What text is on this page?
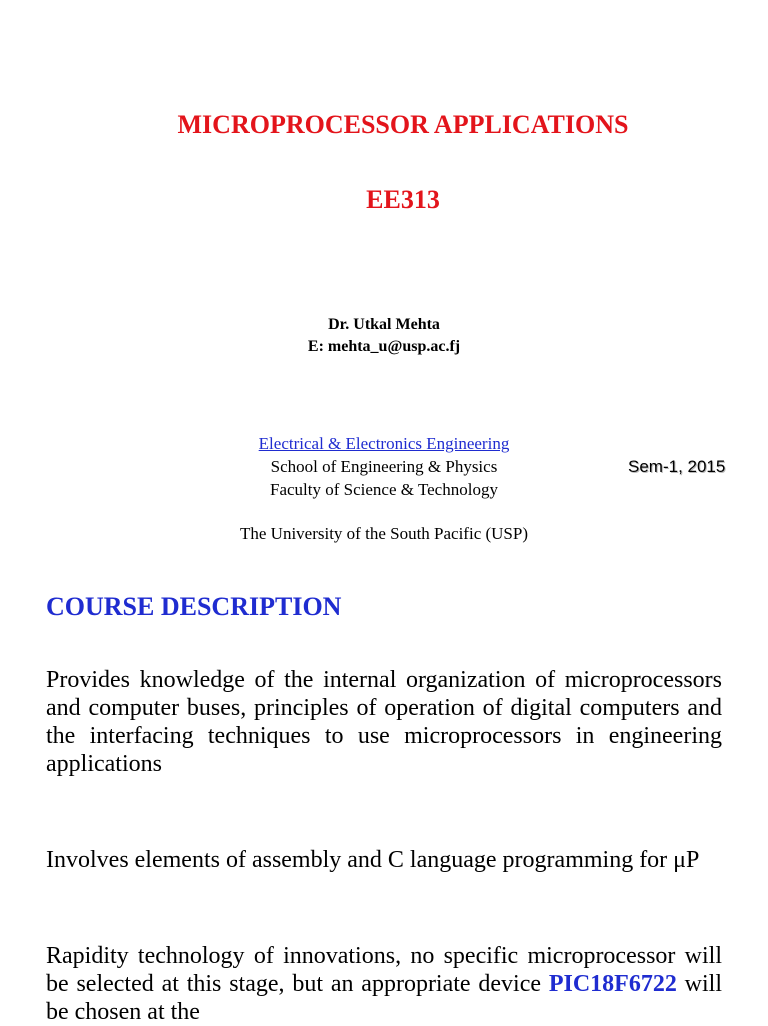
MICROPROCESSOR APPLICATIONS
EE313
Dr. Utkal Mehta
E: mehta_u@usp.ac.fj
Electrical & Electronics Engineering
School of Engineering & Physics
Faculty of Science & Technology
Sem-1, 2015
The University of the South Pacific (USP)
COURSE DESCRIPTION
Provides knowledge of the internal organization of microprocessors and computer buses, principles of operation of digital computers and the interfacing techniques to use microprocessors in engineering applications
Involves elements of assembly and C language programming for μP
Rapidity technology of innovations, no specific microprocessor will be selected at this stage, but an appropriate device PIC18F6722 will be chosen at the
